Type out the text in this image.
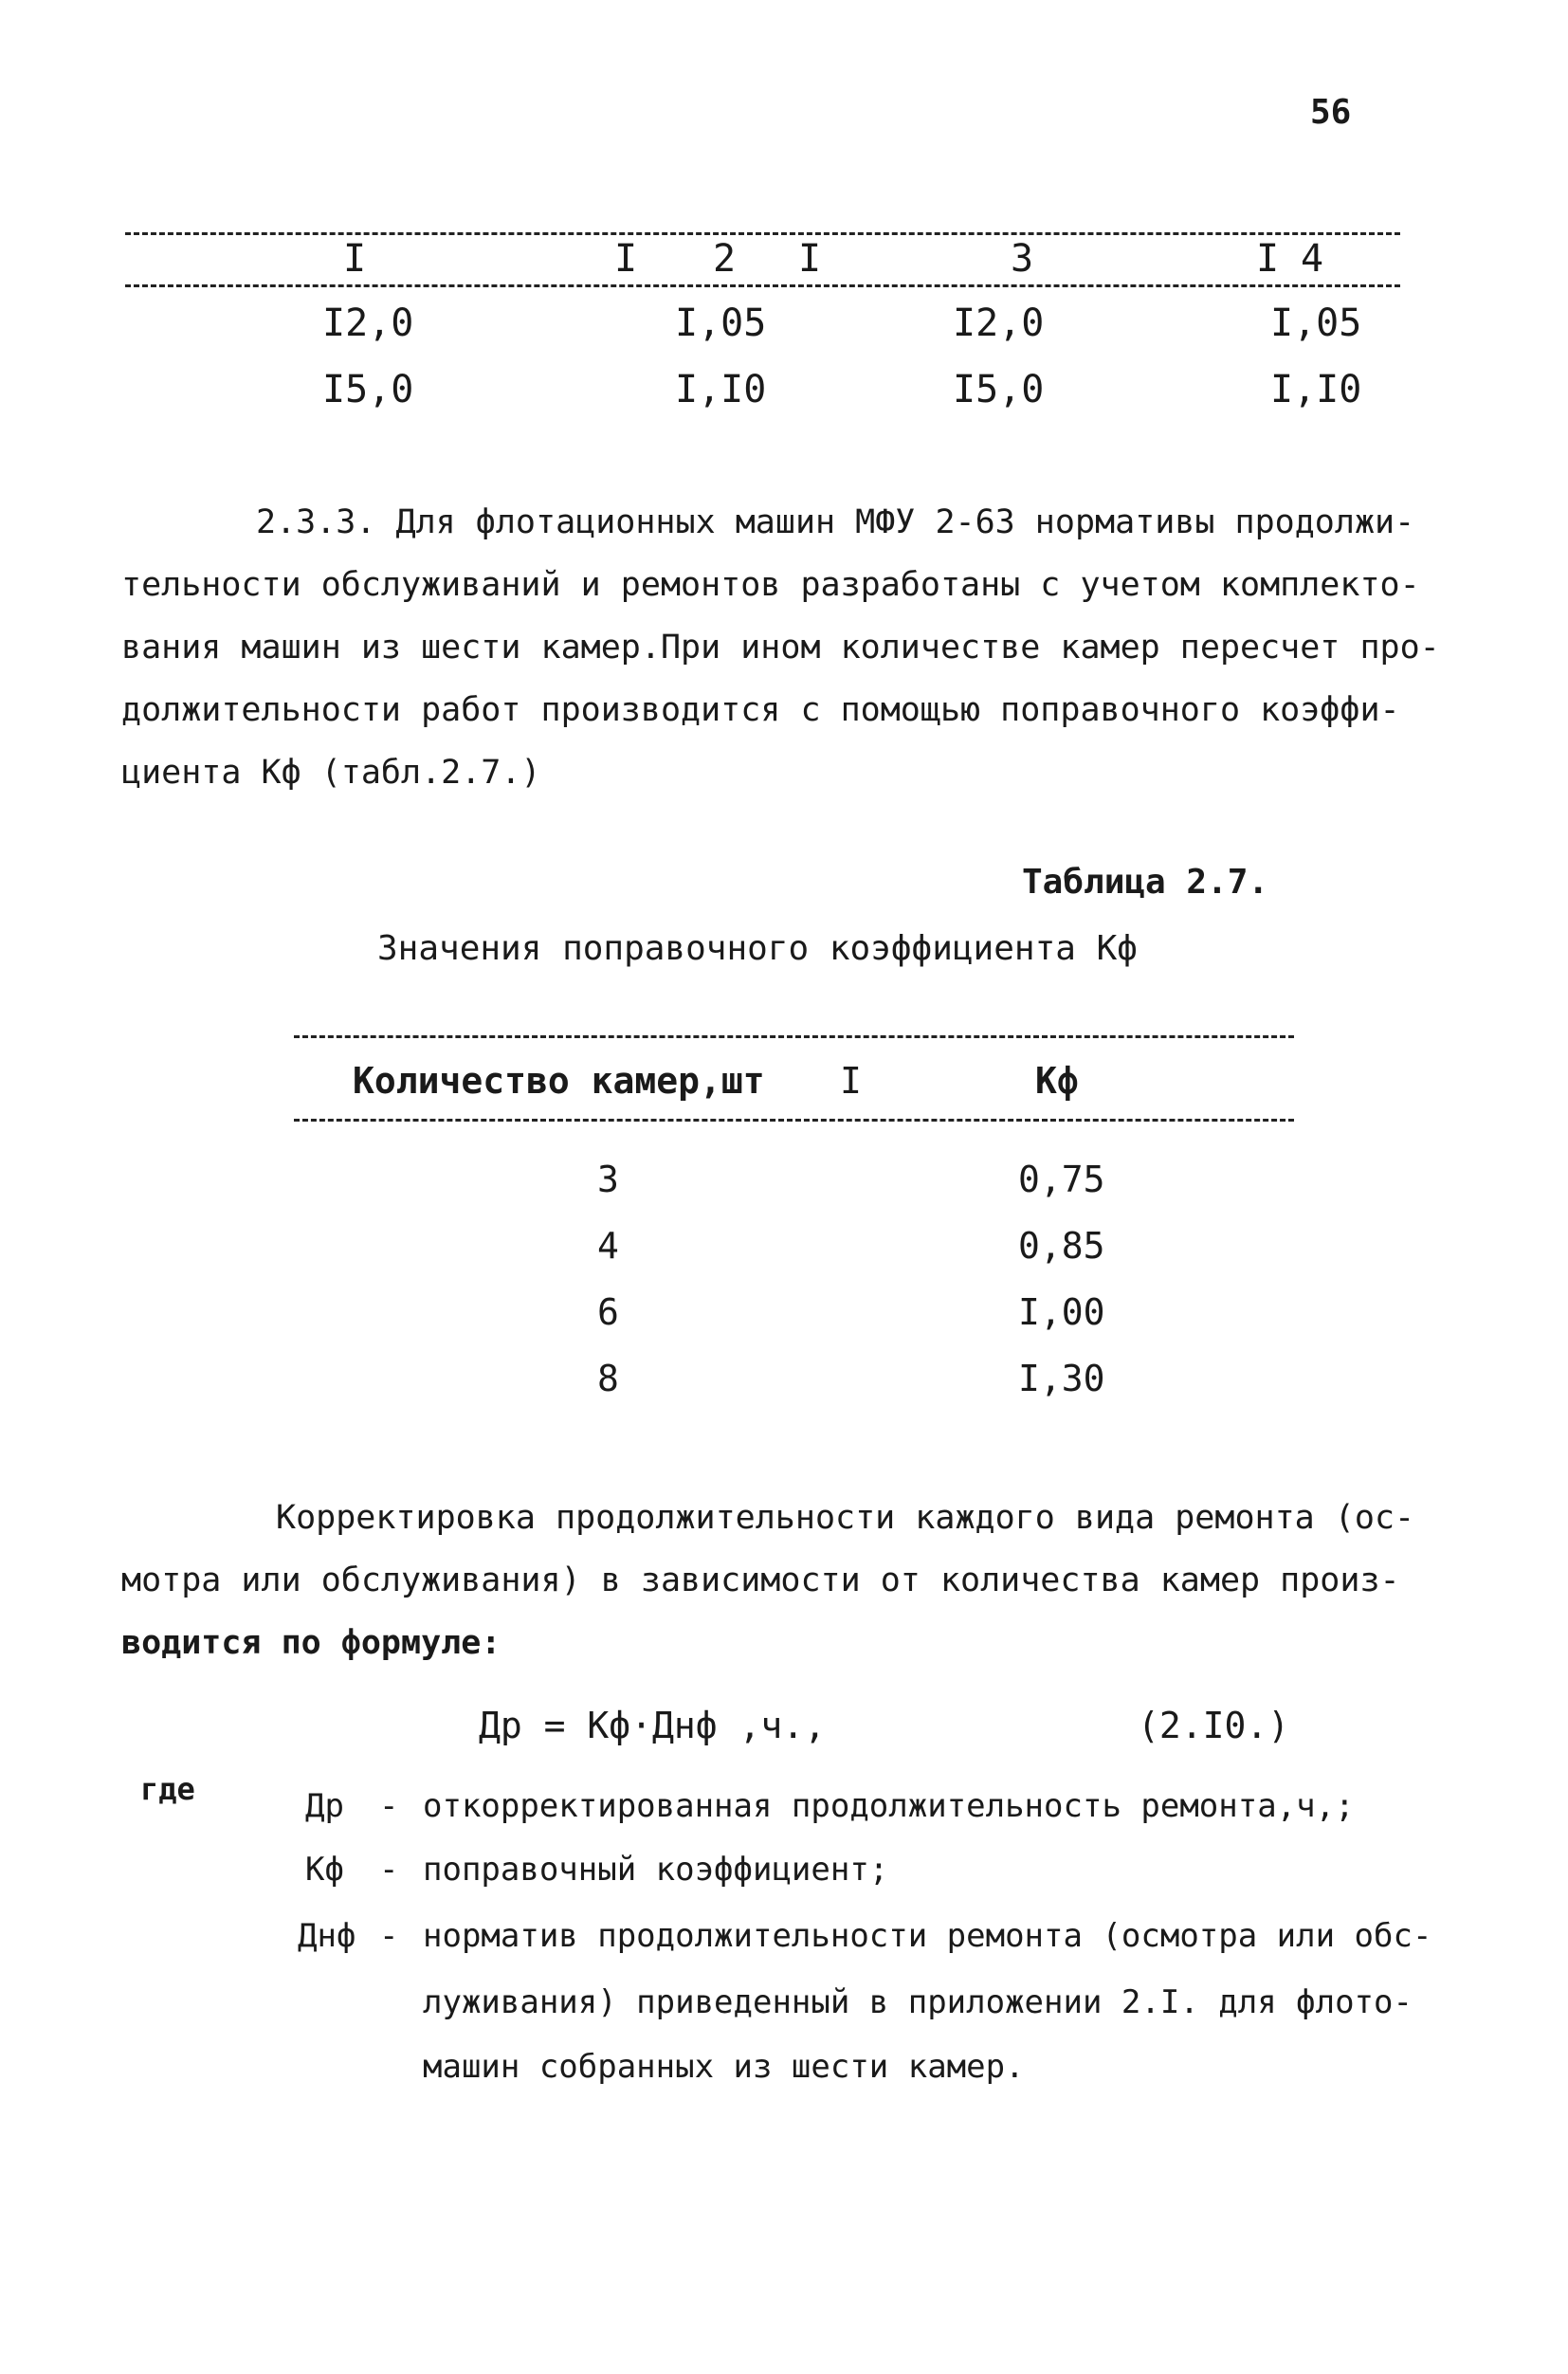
56
I	I 2 I	3	I 4
I2,0	I,05	I2,0	I,05
I5,0	I,I0	I5,0	I,I0
2.3.3. Для флотационных машин МФУ 2-63 нормативы продолжи-
тельности обслуживаний и ремонтов разработаны с учетом комплекто-
вания машин из шести камер.При ином количестве камер пересчет про-
должительности работ производится с помощью поправочного коэффи-
циента Кф (табл.2.7.)
Таблица 2.7.
Значения поправочного коэффициента Кф
Количество камер,шт I	Кф
3	0,75
4	0,85
6	I,00
8	I,30
Корректировка продолжительности каждого вида ремонта (ос-
мотра или обслуживания) в зависимости от количества камер произ-
водится по формуле:
Др = Кф·Днф ,ч.,	(2.I0.)
где	Др - откорректированная продолжительность ремонта,ч,;
Кф - поправочный коэффициент;
Днф - норматив продолжительности ремонта (осмотра или обс-
луживания) приведенный в приложении 2.I. для флото-
машин собранных из шести камер.
